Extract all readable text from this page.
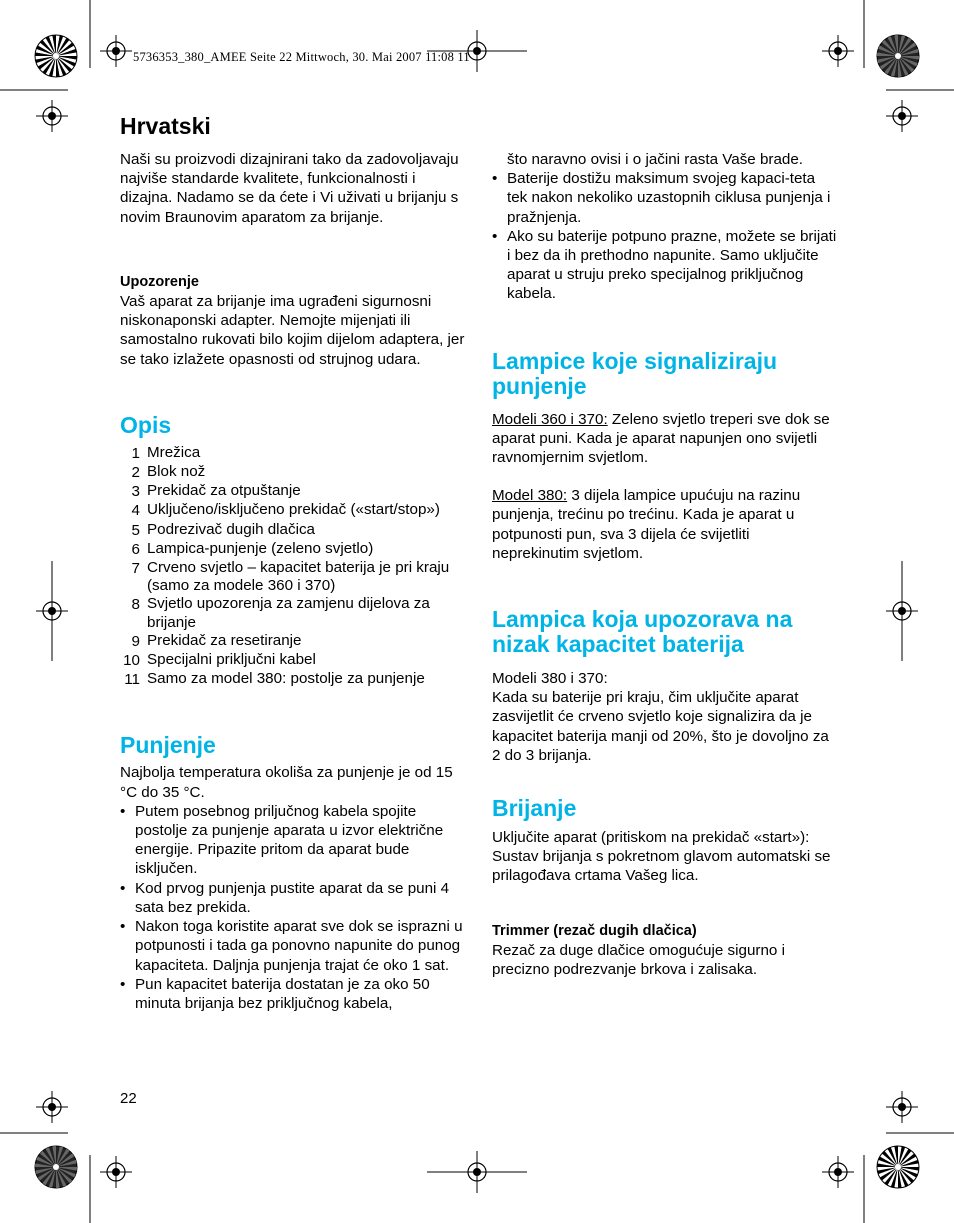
5736353_380_AMEE Seite 22 Mittwoch, 30. Mai 2007 11:08 11
Hrvatski

Naši su proizvodi dizajnirani tako da zadovoljavaju najviše standarde kvalitete, funkcionalnosti i dizajna. Nadamo se da ćete i Vi uživati u brijanju s novim Braunovim aparatom za brijanje.

Upozorenje

Vaš aparat za brijanje ima ugrađeni sigurnosni niskonaponski adapter. Nemojte mijenjati ili samostalno rukovati bilo kojim dijelom adaptera, jer se tako izlažete opasnosti od strujnog udara.

Opis
1 Mrežica
2 Blok nož
3 Prekidač za otpuštanje
4 Uključeno/isključeno prekidač («start/stop»)
5 Podrezivač dugih dlačica
6 Lampica-punjenje (zeleno svjetlo)
7 Crveno svjetlo – kapacitet baterija je pri kraju (samo za modele 360 i 370)
8 Svjetlo upozorenja za zamjenu dijelova za brijanje
9 Prekidač za resetiranje
10 Specijalni priključni kabel
11 Samo za model 380: postolje za punjenje
Punjenje

Najbolja temperatura okoliša za punjenje je od 15 °C do 35 °C.

• Putem posebnog priljučnog kabela spojite postolje za punjenje aparata u izvor električne energije. Pripazite pritom da aparat bude isključen.
• Kod prvog punjenja pustite aparat da se puni 4 sata bez prekida.
• Nakon toga koristite aparat sve dok se isprazni u potpunosti i tada ga ponovno napunite do punog kapaciteta. Daljnja punjenja trajat će oko 1 sat.
• Pun kapacitet baterija dostatan je za oko 50 minuta brijanja bez priključnog kabela,

što naravno ovisi i o jačini rasta Vaše brade.

• Baterije dostižu maksimum svojeg kapaci-teta tek nakon nekoliko uzastopnih ciklusa punjenja i pražnjenja.
• Ako su baterije potpuno prazne, možete se brijati i bez da ih prethodno napunite. Samo uključite aparat u struju preko specijalnog priključnog kabela.
Lampice koje signaliziraju punjenje

Modeli 360 i 370: Zeleno svjetlo treperi sve dok se aparat puni. Kada je aparat napunjen ono svijetli ravnomjernim svjetlom.

Model 380: 3 dijela lampice upućuju na razinu punjenja, trećinu po trećinu. Kada je aparat u potpunosti pun, sva 3 dijela će svijetliti neprekinutim svjetlom.

Lampica koja upozorava na nizak kapacitet baterija

Modeli 380 i 370:

Kada su baterije pri kraju, čim uključite aparat zasvijetlit će crveno svjetlo koje signalizira da je kapacitet baterija manji od 20%, što je dovoljno za 2 do 3 brijanja.

Brijanje

Uključite aparat (pritiskom na prekidač «start»):

Sustav brijanja s pokretnom glavom automatski se prilagođava crtama Vašeg lica.

Trimmer (rezač dugih dlačica)

Rezač za duge dlačice omogućuje sigurno i precizno podrezvanje brkova i zalisaka.

22
